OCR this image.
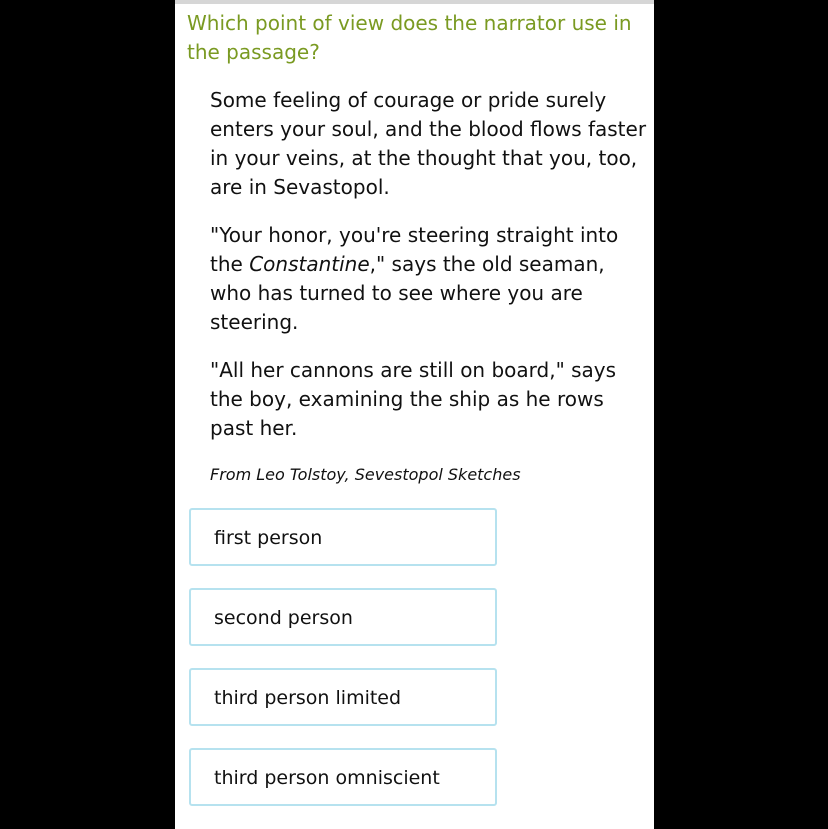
Which point of view does the narrator use in the passage?

Some feeling of courage or pride surely enters your soul, and the blood flows faster in your veins, at the thought that you, too, are in Sevastopol.

"Your honor, you're steering straight into the Constantine," says the old seaman, who has turned to see where you are steering.

"All her cannons are still on board," says the boy, examining the ship as he rows past her.

From Leo Tolstoy, Sevestopol Sketches
first person
second person
third person limited
third person omniscient
